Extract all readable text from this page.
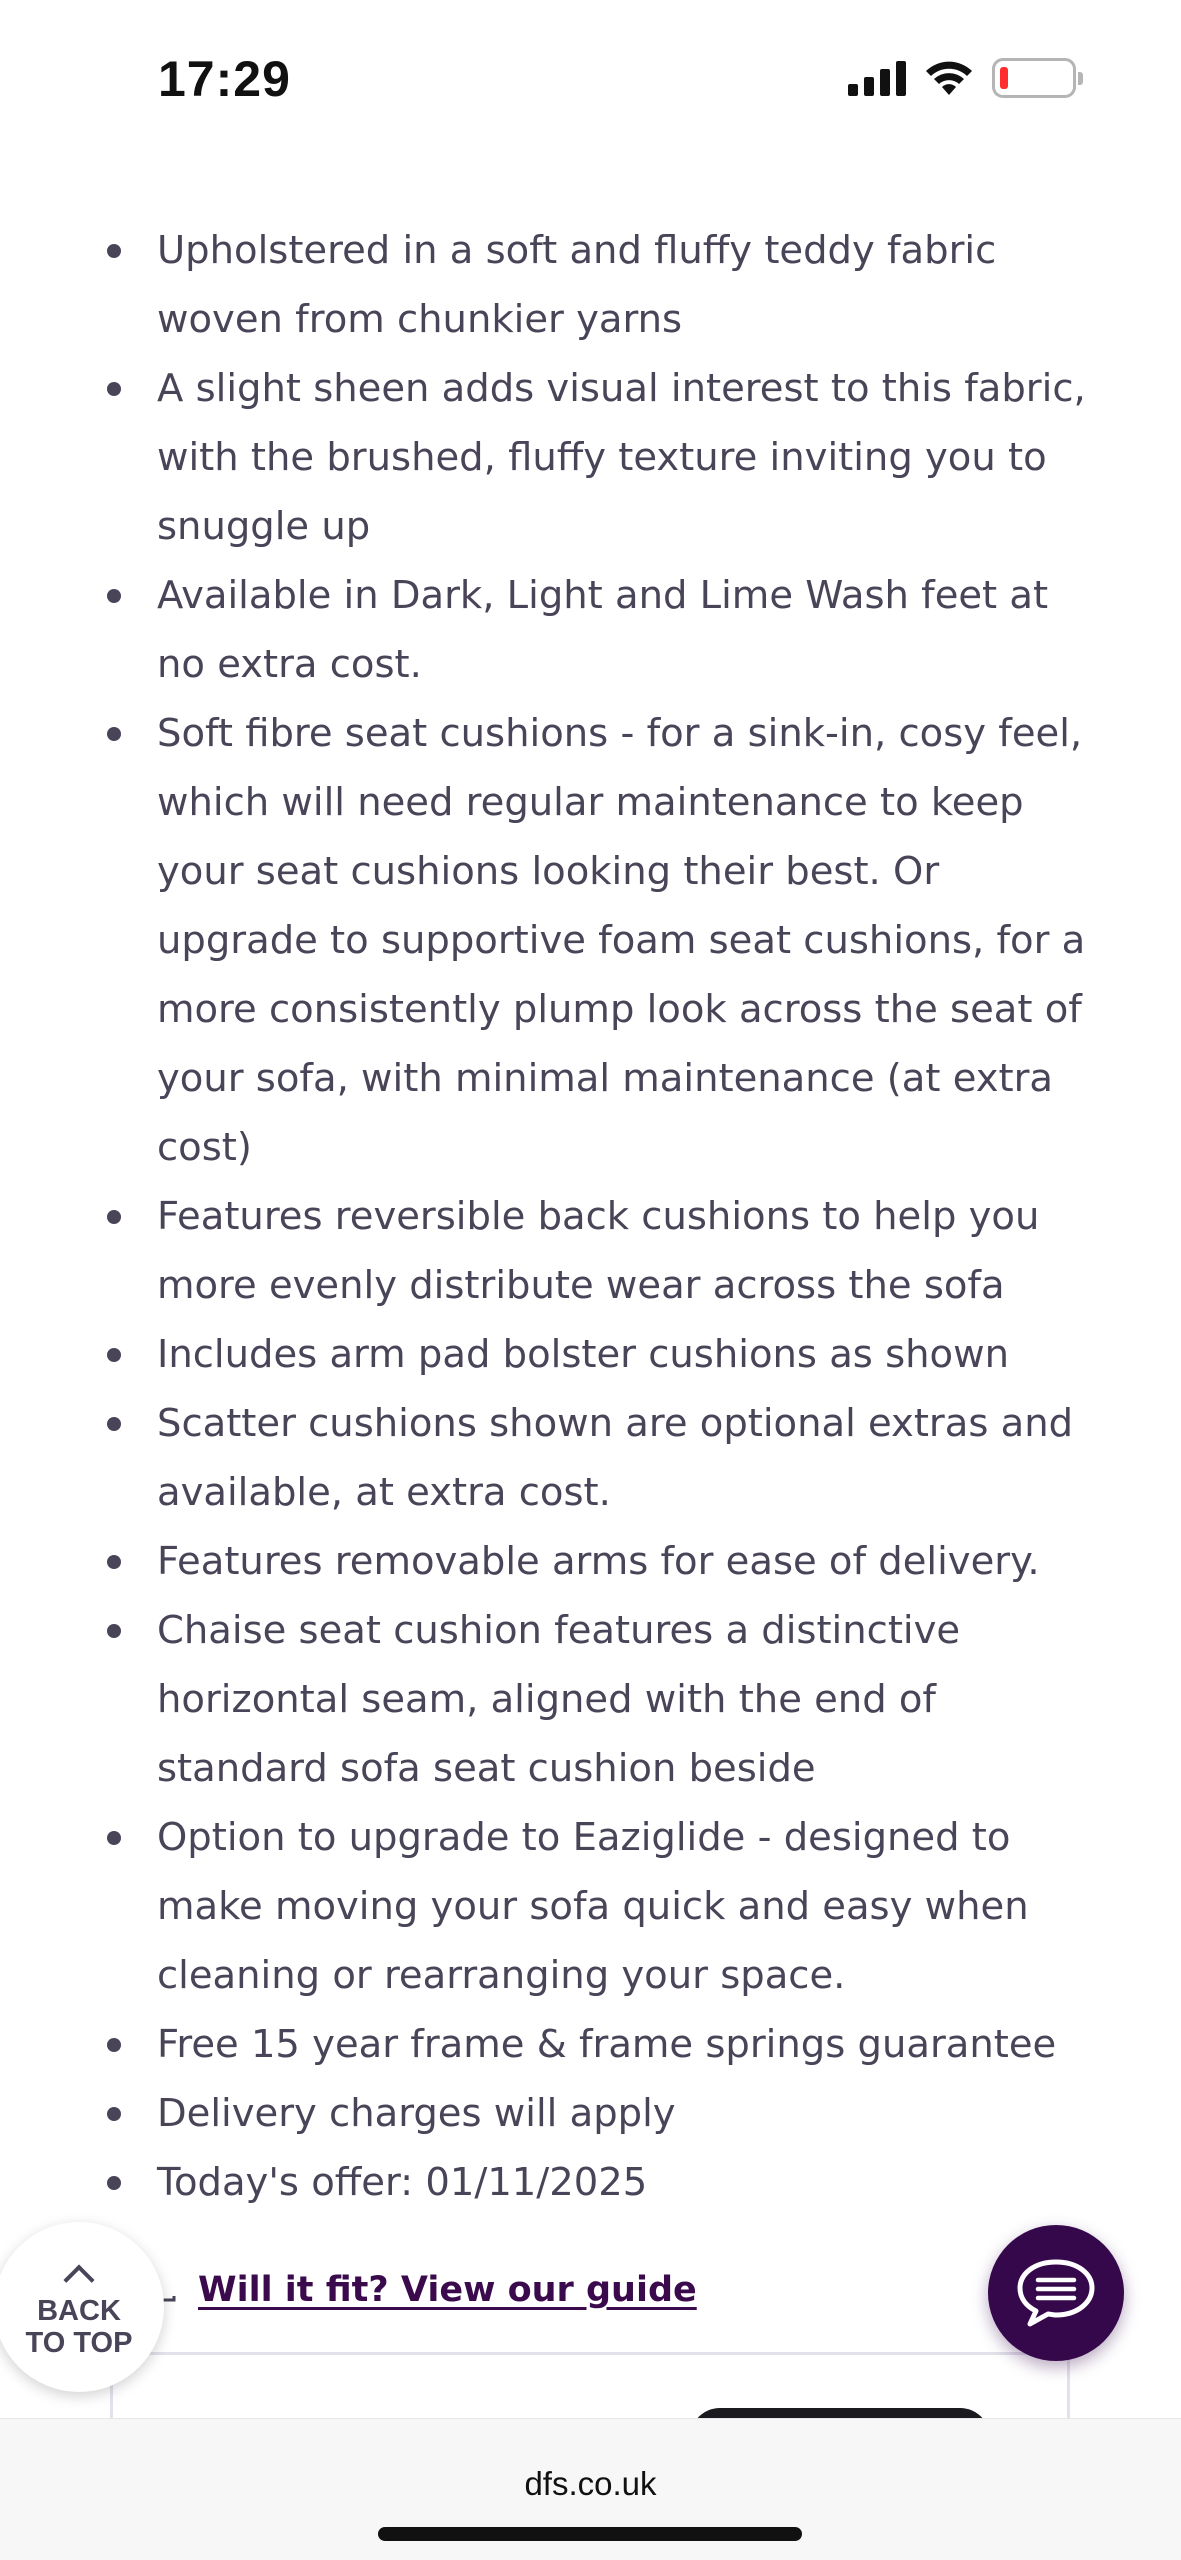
17:29
Upholstered in a soft and fluffy teddy fabric woven from chunkier yarns
A slight sheen adds visual interest to this fabric, with the brushed, fluffy texture inviting you to snuggle up
Available in Dark, Light and Lime Wash feet at no extra cost.
Soft fibre seat cushions - for a sink-in, cosy feel, which will need regular maintenance to keep your seat cushions looking their best. Or upgrade to supportive foam seat cushions, for a more consistently plump look across the seat of your sofa, with minimal maintenance (at extra cost)
Features reversible back cushions to help you more evenly distribute wear across the sofa
Includes arm pad bolster cushions as shown
Scatter cushions shown are optional extras and available, at extra cost.
Features removable arms for ease of delivery.
Chaise seat cushion features a distinctive horizontal seam, aligned with the end of standard sofa seat cushion beside
Option to upgrade to Eaziglide - designed to make moving your sofa quick and easy when cleaning or rearranging your space.
Free 15 year frame & frame springs guarantee
Delivery charges will apply
Today's offer: 01/11/2025
Will it fit? View our guide
BACK
TO TOP
dfs.co.uk
